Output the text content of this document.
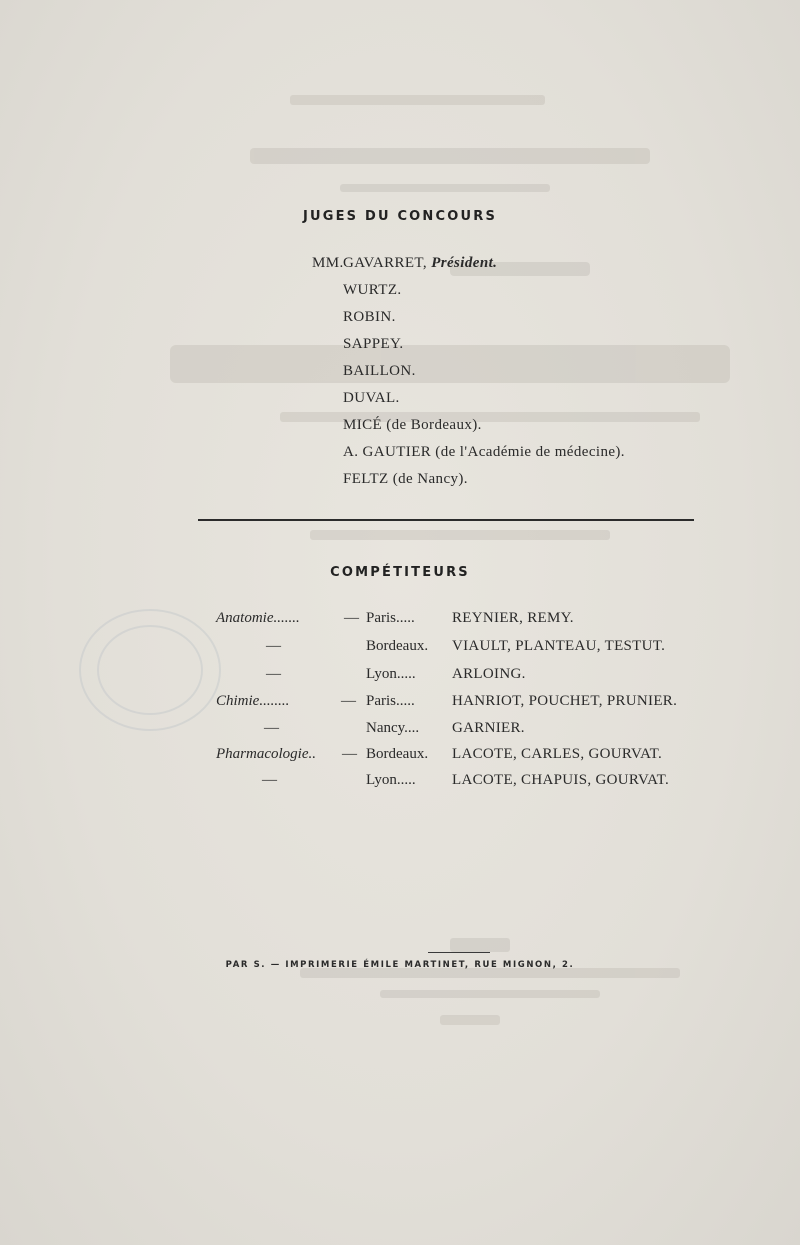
JUGES DU CONCOURS
MM. GAVARRET, Président.
WURTZ.
ROBIN.
SAPPEY.
BAILLON.
DUVAL.
MICÉ (de Bordeaux).
A. GAUTIER (de l'Académie de médecine).
FELTZ (de Nancy).
COMPÉTITEURS
Anatomie.......	— Paris..... REYNIER, REMY.
—	Bordeaux. VIAULT, PLANTEAU, TESTUT.
—	Lyon..... ARLOING.
Chimie........	— Paris..... HANRIOT, POUCHET, PRUNIER.
—	Nancy.... GARNIER.
Pharmacologie.. — Bordeaux. LACOTE, CARLES, GOURVAT.
—	Lyon..... LACOTE, CHAPUIS, GOURVAT.
PAR S. — IMPRIMERIE ÉMILE MARTINET, RUE MIGNON, 2.
